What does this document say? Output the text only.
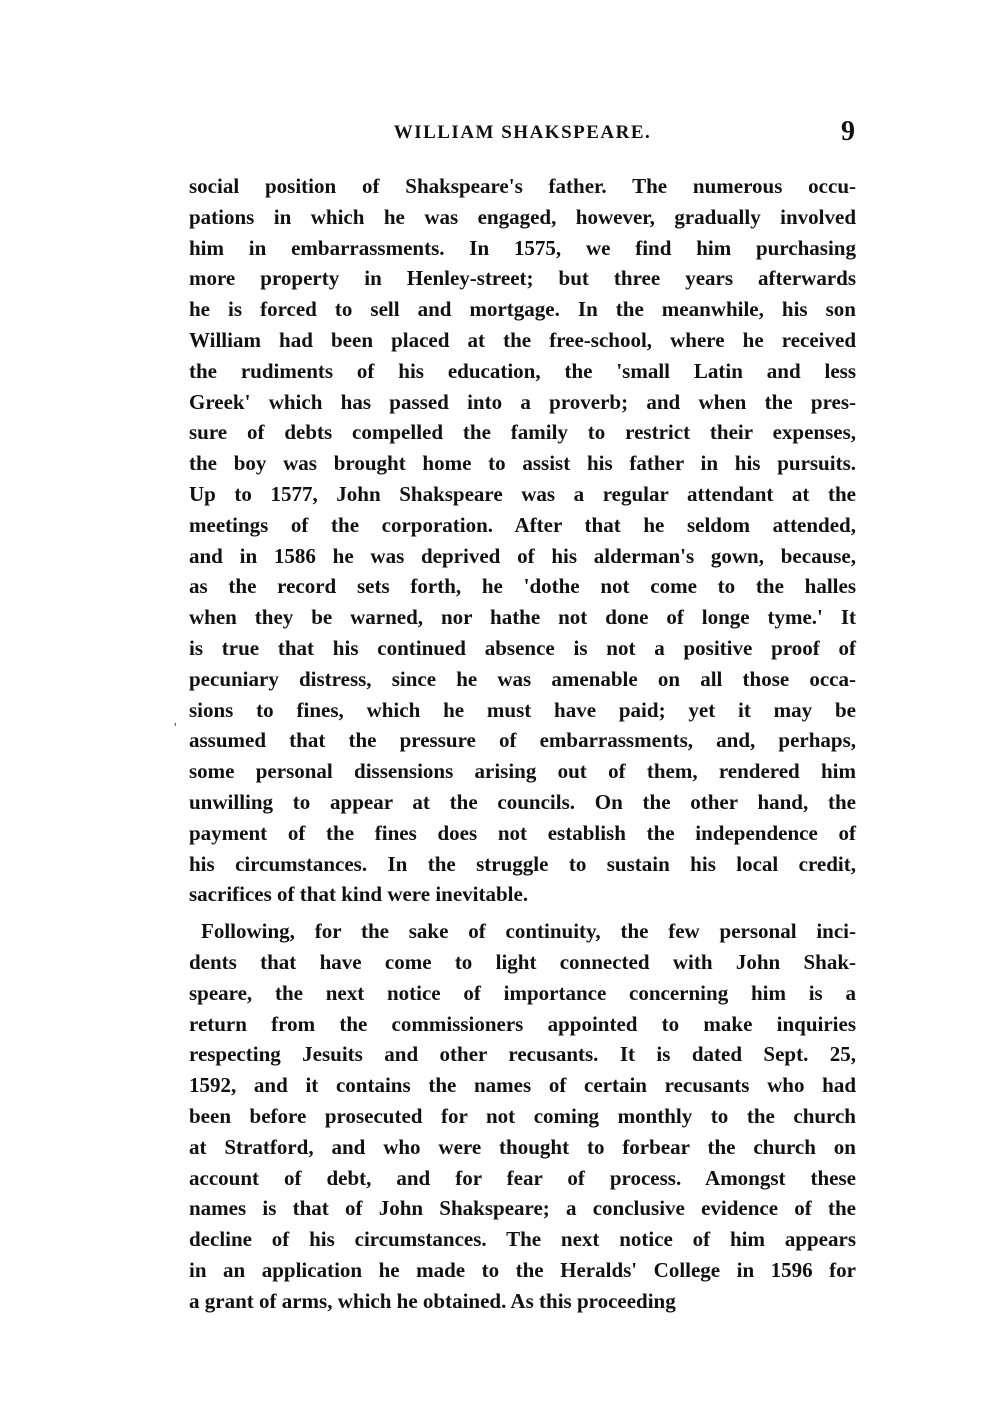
WILLIAM SHAKSPEARE.	9
social position of Shakspeare's father. The numerous occu-
pations in which he was engaged, however, gradually involved
him in embarrassments. In 1575, we find him purchasing
more property in Henley-street; but three years afterwards
he is forced to sell and mortgage. In the meanwhile, his son
William had been placed at the free-school, where he received
the rudiments of his education, the 'small Latin and less
Greek' which has passed into a proverb; and when the pres-
sure of debts compelled the family to restrict their expenses,
the boy was brought home to assist his father in his pursuits.
Up to 1577, John Shakspeare was a regular attendant at the
meetings of the corporation. After that he seldom attended,
and in 1586 he was deprived of his alderman's gown, because,
as the record sets forth, he 'dothe not come to the halles
when they be warned, nor hathe not done of longe tyme.' It
is true that his continued absence is not a positive proof of
pecuniary distress, since he was amenable on all those occa-
sions to fines, which he must have paid; yet it may be
assumed that the pressure of embarrassments, and, perhaps,
some personal dissensions arising out of them, rendered him
unwilling to appear at the councils. On the other hand, the
payment of the fines does not establish the independence of
his circumstances. In the struggle to sustain his local credit,
sacrifices of that kind were inevitable.
Following, for the sake of continuity, the few personal inci-
dents that have come to light connected with John Shak-
speare, the next notice of importance concerning him is a
return from the commissioners appointed to make inquiries
respecting Jesuits and other recusants. It is dated Sept. 25,
1592, and it contains the names of certain recusants who had
been before prosecuted for not coming monthly to the church
at Stratford, and who were thought to forbear the church on
account of debt, and for fear of process. Amongst these
names is that of John Shakspeare; a conclusive evidence of the
decline of his circumstances. The next notice of him appears
in an application he made to the Heralds' College in 1596 for
a grant of arms, which he obtained. As this proceeding
'
